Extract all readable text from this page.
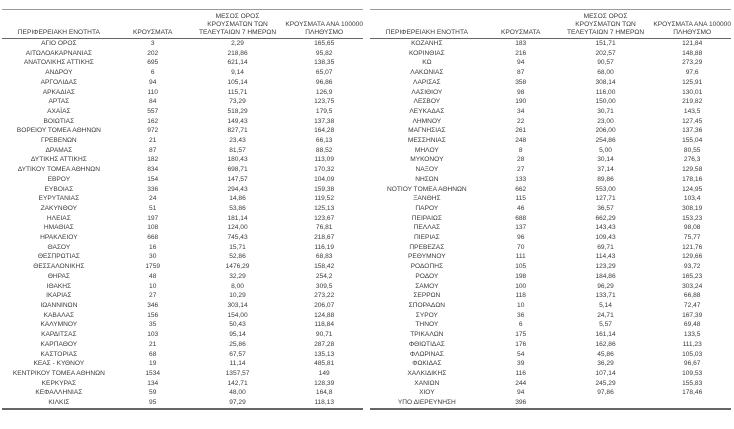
ΠΕΡΙΦΕΡΕΙΑΚΗ ΕΝΟΤΗΤΑ	ΚΡΟΥΣΜΑΤΑ	ΜΕΣΟΣ ΟΡΟΣ ΚΡΟΥΣΜΑΤΩΝ ΤΩΝ ΤΕΛΕΥΤΑΙΩΝ 7 ΗΜΕΡΩΝ	ΚΡΟΥΣΜΑΤΑ ΑΝΑ 100000 ΠΛΗΘΥΣΜΟ
ΑΓΙΟ ΟΡΟΣ	3	2,29	165,65
ΑΙΤΩΛΟΑΚΑΡΝΑΝΙΑΣ	202	218,86	95,82
ΑΝΑΤΟΛΙΚΗΣ ΑΤΤΙΚΗΣ	695	621,14	138,35
ΑΝΔΡΟΥ	6	9,14	65,07
ΑΡΓΟΛΙΔΑΣ	94	105,14	96,86
ΑΡΚΑΔΙΑΣ	110	115,71	126,9
ΑΡΤΑΣ	84	73,29	123,75
ΑΧΑΪΑΣ	557	518,29	179,5
ΒΟΙΩΤΙΑΣ	162	149,43	137,38
ΒΟΡΕΙΟΥ ΤΟΜΕΑ ΑΘΗΝΩΝ	972	827,71	164,28
ΓΡΕΒΕΝΩΝ	21	23,43	66,13
ΔΡΑΜΑΣ	87	81,57	88,52
ΔΥΤΙΚΗΣ ΑΤΤΙΚΗΣ	182	180,43	113,09
ΔΥΤΙΚΟΥ ΤΟΜΕΑ ΑΘΗΝΩΝ	834	698,71	170,32
ΕΒΡΟΥ	154	147,57	104,09
ΕΥΒΟΙΑΣ	336	294,43	159,38
ΕΥΡΥΤΑΝΙΑΣ	24	14,86	119,52
ΖΑΚΥΝΘΟΥ	51	53,86	125,13
ΗΛΕΙΑΣ	197	181,14	123,67
ΗΜΑΘΙΑΣ	108	124,00	76,81
ΗΡΑΚΛΕΙΟΥ	668	745,43	218,67
ΘΑΣΟΥ	16	15,71	116,19
ΘΕΣΠΡΩΤΙΑΣ	30	52,86	68,83
ΘΕΣΣΑΛΟΝΙΚΗΣ	1759	1476,29	158,42
ΘΗΡΑΣ	48	32,29	254,2
ΙΘΑΚΗΣ	10	8,00	309,5
ΙΚΑΡΙΑΣ	27	10,29	273,22
ΙΩΑΝΝΙΝΩΝ	346	303,14	206,07
ΚΑΒΑΛΑΣ	156	154,00	124,88
ΚΑΛΥΜΝΟΥ	35	50,43	118,84
ΚΑΡΔΙΤΣΑΣ	103	95,14	90,71
ΚΑΡΠΑΘΟΥ	21	25,86	287,28
ΚΑΣΤΟΡΙΑΣ	68	67,57	135,13
ΚΕΑΣ - ΚΥΘΝΟΥ	19	11,14	485,81
ΚΕΝΤΡΙΚΟΥ ΤΟΜΕΑ ΑΘΗΝΩΝ	1534	1357,57	149
ΚΕΡΚΥΡΑΣ	134	142,71	128,39
ΚΕΦΑΛΛΗΝΙΑΣ	59	48,00	164,8
ΚΙΛΚΙΣ	95	97,29	118,13
ΠΕΡΙΦΕΡΕΙΑΚΗ ΕΝΟΤΗΤΑ	ΚΡΟΥΣΜΑΤΑ	ΜΕΣΟΣ ΟΡΟΣ ΚΡΟΥΣΜΑΤΩΝ ΤΩΝ ΤΕΛΕΥΤΑΙΩΝ 7 ΗΜΕΡΩΝ	ΚΡΟΥΣΜΑΤΑ ΑΝΑ 100000 ΠΛΗΘΥΣΜΟ
ΚΟΖΑΝΗΣ	183	151,71	121,84
ΚΟΡΙΝΘΙΑΣ	216	202,57	148,88
ΚΩ	94	90,57	273,29
ΛΑΚΩΝΙΑΣ	87	68,00	97,6
ΛΑΡΙΣΑΣ	358	308,14	125,91
ΛΑΣΙΘΙΟΥ	98	116,00	130,01
ΛΕΣΒΟΥ	190	150,00	219,82
ΛΕΥΚΑΔΑΣ	34	30,71	143,5
ΛΗΜΝΟΥ	22	23,00	127,45
ΜΑΓΝΗΣΙΑΣ	261	206,00	137,36
ΜΕΣΣΗΝΙΑΣ	248	254,86	155,04
ΜΗΛΟΥ	8	5,00	80,55
ΜΥΚΟΝΟΥ	28	30,14	276,3
ΝΑΞΟΥ	27	37,14	129,58
ΝΗΣΩΝ	133	89,86	178,16
ΝΟΤΙΟΥ ΤΟΜΕΑ ΑΘΗΝΩΝ	662	553,00	124,95
ΞΑΝΘΗΣ	115	127,71	103,4
ΠΑΡΟΥ	46	36,57	308,19
ΠΕΙΡΑΙΩΣ	688	662,29	153,23
ΠΕΛΛΑΣ	137	143,43	98,08
ΠΙΕΡΙΑΣ	96	109,43	75,77
ΠΡΕΒΕΖΑΣ	70	69,71	121,76
ΡΕΘΥΜΝΟΥ	111	114,43	129,66
ΡΟΔΟΠΗΣ	105	123,29	93,72
ΡΟΔΟΥ	198	184,86	165,23
ΣΑΜΟΥ	100	96,29	303,24
ΣΕΡΡΩΝ	118	133,71	66,88
ΣΠΟΡΑΔΩΝ	10	5,14	72,47
ΣΥΡΟΥ	36	24,71	167,39
ΤΗΝΟΥ	6	5,57	69,48
ΤΡΙΚΑΛΩΝ	175	161,14	133,5
ΦΘΙΩΤΙΔΑΣ	176	162,86	111,23
ΦΛΩΡΙΝΑΣ	54	45,86	105,03
ΦΩΚΙΔΑΣ	39	36,29	96,67
ΧΑΛΚΙΔΙΚΗΣ	116	107,14	109,53
ΧΑΝΙΩΝ	244	245,29	155,83
ΧΙΟΥ	94	97,86	178,46
ΥΠΟ ΔΙΕΡΕΥΝΗΣΗ	396		
